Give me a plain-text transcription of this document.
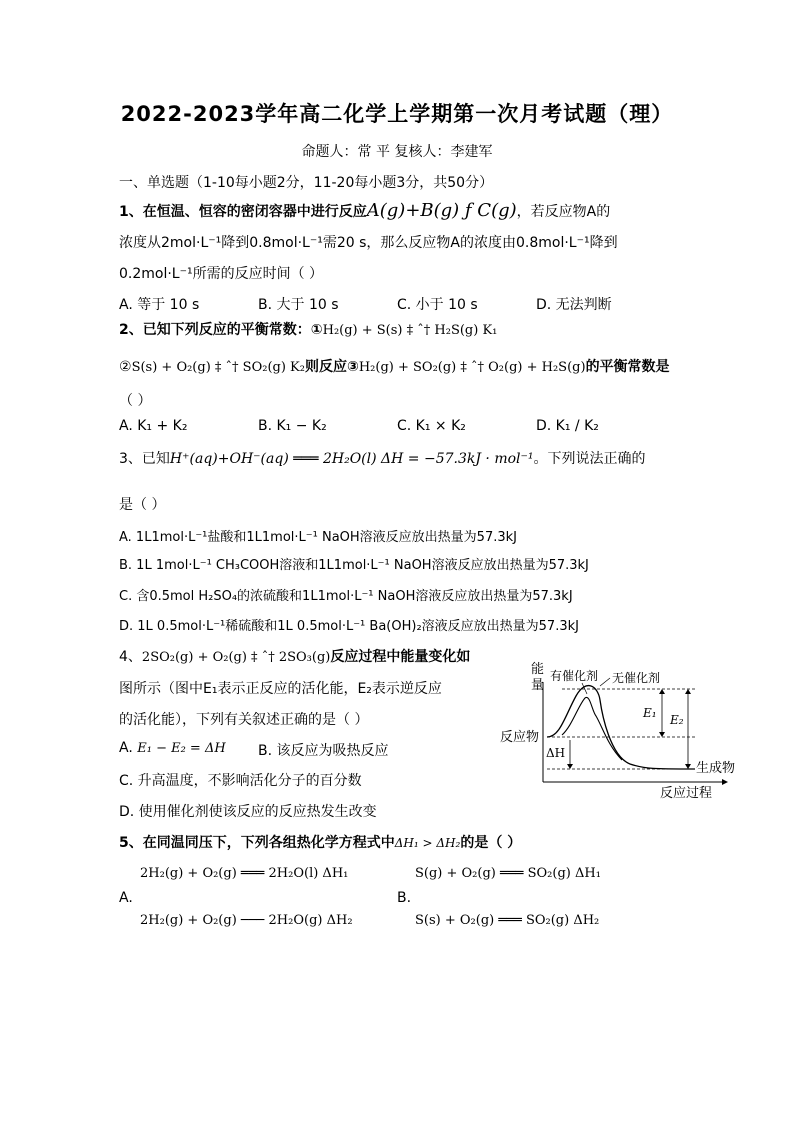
2022-2023学年高二化学上学期第一次月考试题（理）
命题人：常 平 复核人：李建军
一、单选题（1-10每小题2分，11-20每小题3分，共50分）
1、在恒温、恒容的密闭容器中进行反应A(g)+B(g) ƒ C(g)，若反应物A的
浓度从2mol·L⁻¹降到0.8mol·L⁻¹需20 s，那么反应物A的浓度由0.8mol·L⁻¹降到
0.2mol·L⁻¹所需的反应时间（ ）
A. 等于 10 s	B. 大于 10 s	C. 小于 10 s	D. 无法判断
2、已知下列反应的平衡常数：①H₂(g) + S(s) ‡ ˆ† H₂S(g) K₁
②S(s) + O₂(g) ‡ ˆ† SO₂(g) K₂则反应③H₂(g) + SO₂(g) ‡ ˆ† O₂(g) + H₂S(g)的平衡常数是
（ ）
A. K₁ + K₂	B. K₁ − K₂	C. K₁ × K₂	D. K₁ / K₂
3、已知H⁺(aq)+OH⁻(aq) ═══ 2H₂O(l) ΔH = −57.3kJ · mol⁻¹。下列说法正确的
是（ ）
A. 1L1mol·L⁻¹盐酸和1L1mol·L⁻¹ NaOH溶液反应放出热量为57.3kJ
B. 1L 1mol·L⁻¹ CH₃COOH溶液和1L1mol·L⁻¹ NaOH溶液反应放出热量为57.3kJ
C. 含0.5mol H₂SO₄的浓硫酸和1L1mol·L⁻¹ NaOH溶液反应放出热量为57.3kJ
D. 1L 0.5mol·L⁻¹稀硫酸和1L 0.5mol·L⁻¹ Ba(OH)₂溶液反应放出热量为57.3kJ
4、2SO₂(g) + O₂(g) ‡ ˆ† 2SO₃(g)反应过程中能量变化如
图所示（图中E₁表示正反应的活化能，E₂表示逆反应
的活化能），下列有关叙述正确的是（ ）
A. E₁ − E₂ = ΔH B. 该反应为吸热反应
C. 升高温度，不影响活化分子的百分数
D. 使用催化剂使该反应的反应热发生改变
能
量
反应过程
E₁ E₂
ΔH
反应物
生成物
有催化剂 无催化剂
5、在同温同压下，下列各组热化学方程式中ΔH₁ > ΔH₂的是（ ）
2H₂(g) + O₂(g) ═══ 2H₂O(l) ΔH₁
A.
2H₂(g) + O₂(g) ─── 2H₂O(g) ΔH₂
S(g) + O₂(g) ═══ SO₂(g) ΔH₁
B.
S(s) + O₂(g) ═══ SO₂(g) ΔH₂
